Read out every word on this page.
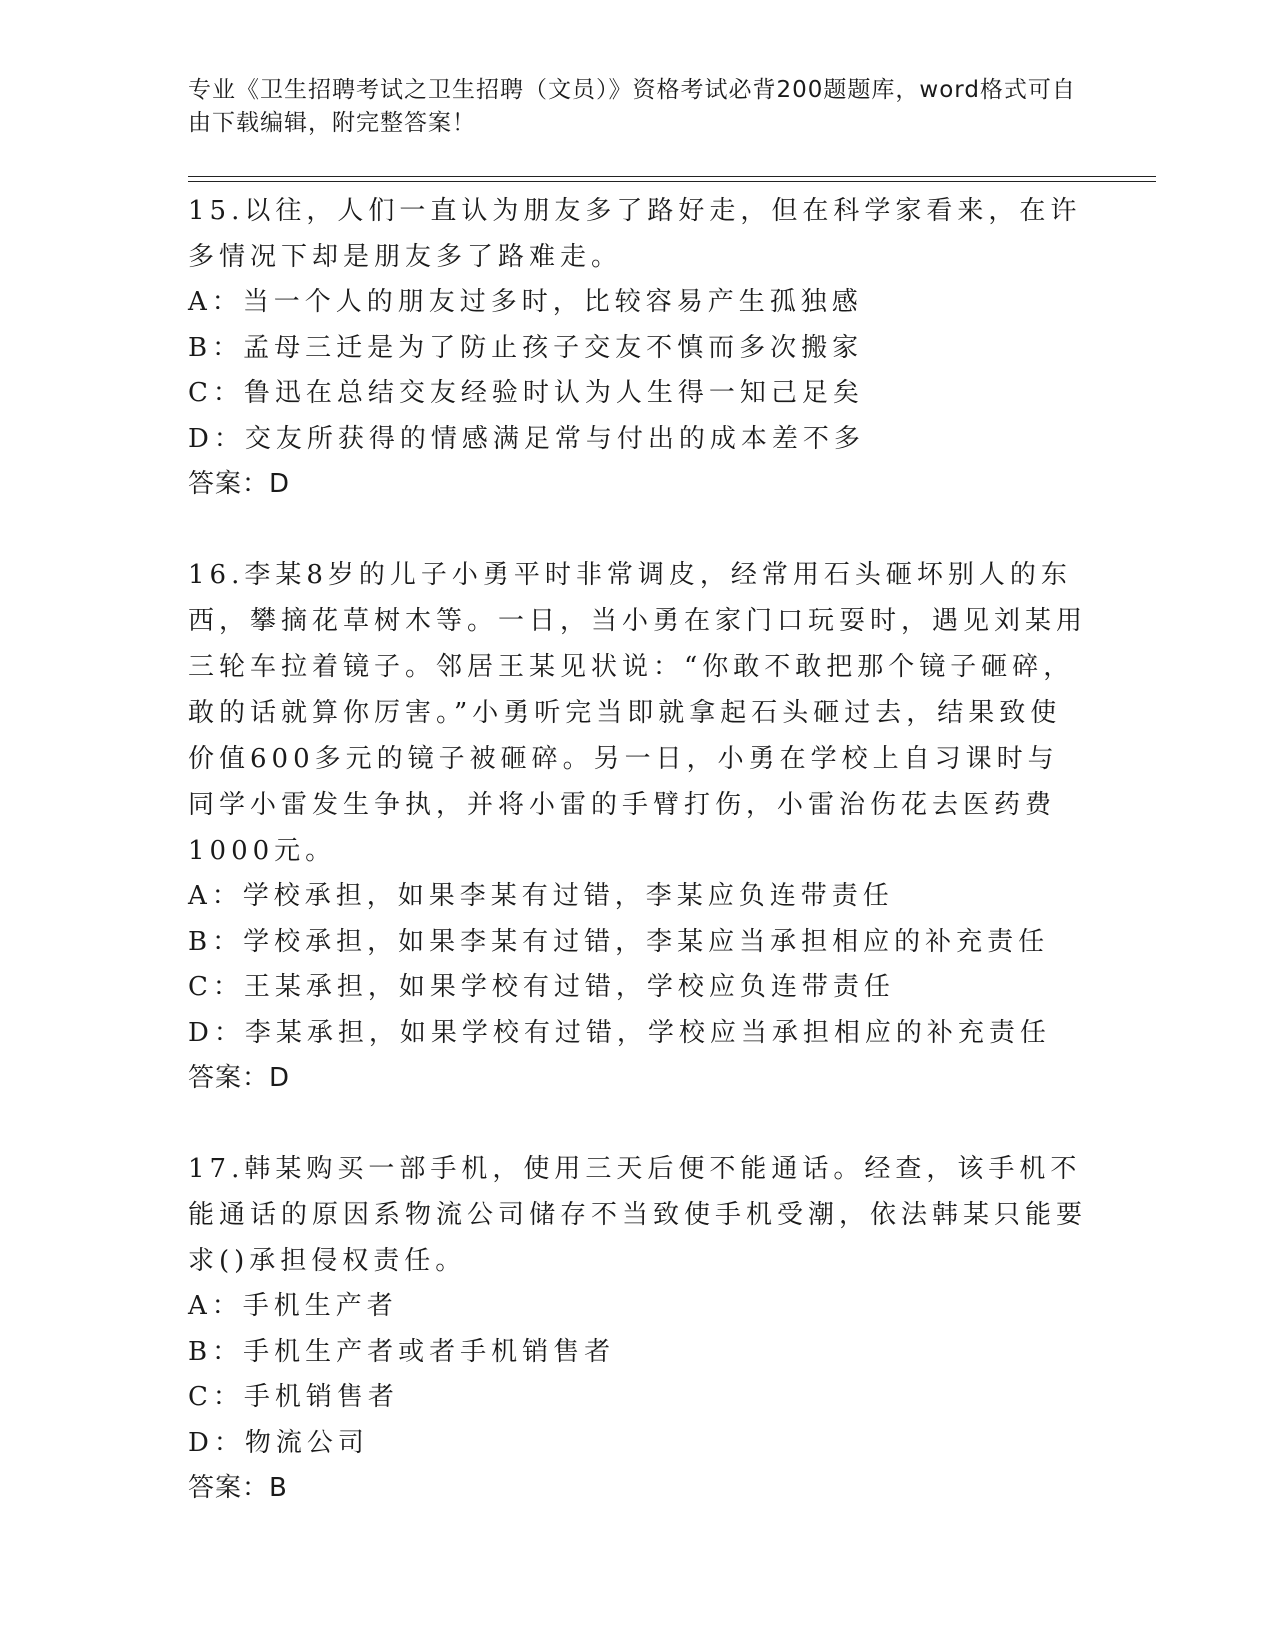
专业《卫生招聘考试之卫生招聘（文员）》资格考试必背200题题库，word格式可自由下载编辑，附完整答案！

15.以往，人们一直认为朋友多了路好走，但在科学家看来，在许多情况下却是朋友多了路难走。

A：当一个人的朋友过多时，比较容易产生孤独感

B：孟母三迁是为了防止孩子交友不慎而多次搬家

C：鲁迅在总结交友经验时认为人生得一知己足矣

D：交友所获得的情感满足常与付出的成本差不多

答案：D

16.李某8岁的儿子小勇平时非常调皮，经常用石头砸坏别人的东西，攀摘花草树木等。一日，当小勇在家门口玩耍时，遇见刘某用三轮车拉着镜子。邻居王某见状说：“你敢不敢把那个镜子砸碎，敢的话就算你厉害。”小勇听完当即就拿起石头砸过去，结果致使价值600多元的镜子被砸碎。另一日，小勇在学校上自习课时与同学小雷发生争执，并将小雷的手臂打伤，小雷治伤花去医药费1000元。

A：学校承担，如果李某有过错，李某应负连带责任

B：学校承担，如果李某有过错，李某应当承担相应的补充责任

C：王某承担，如果学校有过错，学校应负连带责任

D：李某承担，如果学校有过错，学校应当承担相应的补充责任

答案：D

17.韩某购买一部手机，使用三天后便不能通话。经查，该手机不能通话的原因系物流公司储存不当致使手机受潮，依法韩某只能要求()承担侵权责任。

A：手机生产者

B：手机生产者或者手机销售者

C：手机销售者

D：物流公司

答案：B
